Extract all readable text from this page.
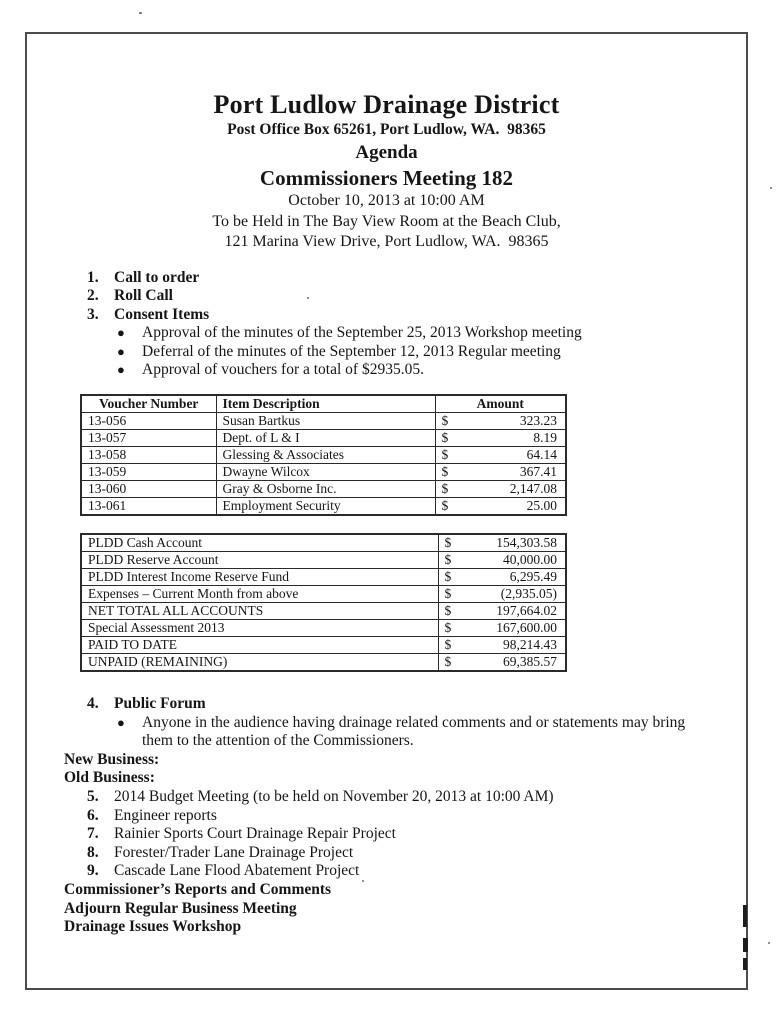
Port Ludlow Drainage District
Post Office Box 65261, Port Ludlow, WA.  98365
Agenda
Commissioners Meeting 182
October 10, 2013 at 10:00 AM
To be Held in The Bay View Room at the Beach Club,
121 Marina View Drive, Port Ludlow, WA.  98365
1. Call to order
2. Roll Call
3. Consent Items
●	Approval of the minutes of the September 25, 2013 Workshop meeting
●	Deferral of the minutes of the September 12, 2013 Regular meeting
●	Approval of vouchers for a total of $2935.05.
Voucher Number	Item Description	Amount
13-056	Susan Bartkus	$ 323.23

13-057	Dept. of L & I	$ 8.19

13-058	Glessing & Associates	$ 64.14

13-059	Dwayne Wilcox	$ 367.41

13-060	Gray & Osborne Inc.	$ 2,147.08

13-061	Employment Security	$ 25.00
PLDD Cash Account	$ 154,303.58

PLDD Reserve Account	$ 40,000.00

PLDD Interest Income Reserve Fund	$ 6,295.49

Expenses – Current Month from above	$ (2,935.05)

NET TOTAL ALL ACCOUNTS	$ 197,664.02

Special Assessment 2013	$ 167,600.00

PAID TO DATE	$ 98,214.43

UNPAID (REMAINING)	$ 69,385.57
4. Public Forum
●	Anyone in the audience having drainage related comments and or statements may bring them to the attention of the Commissioners.
New Business:
Old Business:
5. 2014 Budget Meeting (to be held on November 20, 2013 at 10:00 AM)
6. Engineer reports
7. Rainier Sports Court Drainage Repair Project
8. Forester/Trader Lane Drainage Project
9. Cascade Lane Flood Abatement Project
Commissioner’s Reports and Comments
Adjourn Regular Business Meeting
Drainage Issues Workshop
